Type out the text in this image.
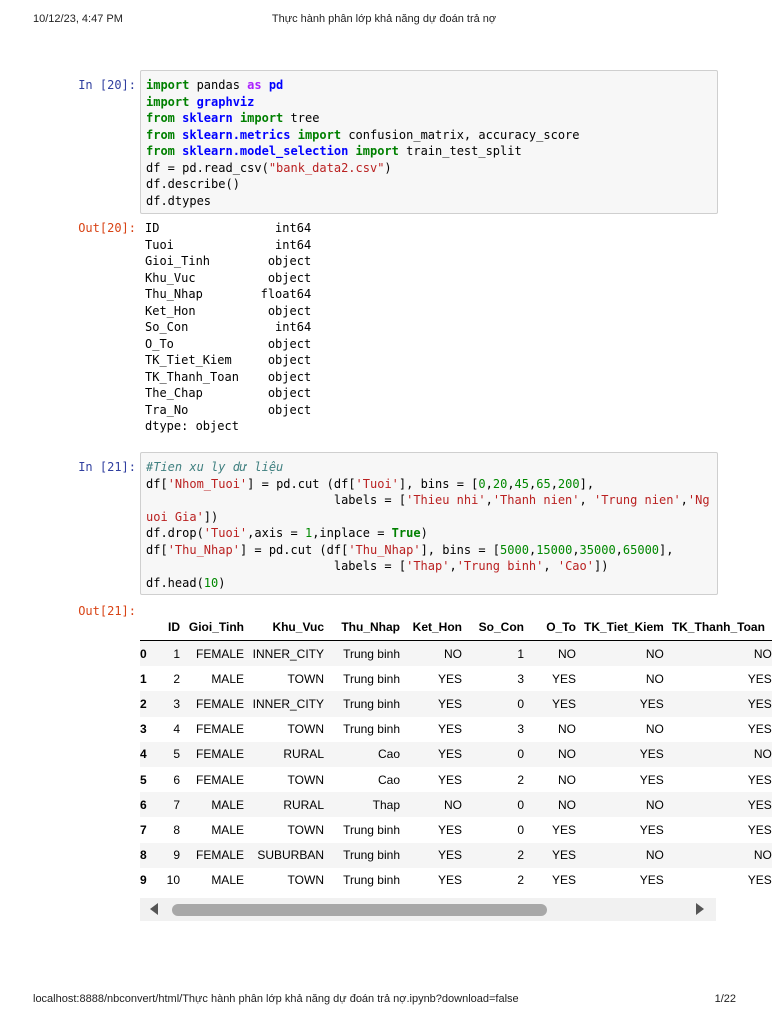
10/12/23, 4:47 PM	Thực hành phân lớp khả năng dự đoán trả nợ
In [20]: import pandas as pd
import graphviz
from sklearn import tree
from sklearn.metrics import confusion_matrix, accuracy_score
from sklearn.model_selection import train_test_split
df = pd.read_csv("bank_data2.csv")
df.describe()
df.dtypes
Out[20]: ID                int64
Tuoi              int64
Gioi_Tinh        object
Khu_Vuc          object
Thu_Nhap        float64
Ket_Hon          object
So_Con            int64
O_To             object
TK_Tiet_Kiem     object
TK_Thanh_Toan    object
The_Chap         object
Tra_No           object
dtype: object
In [21]: #Tien xu ly dư liệu
df['Nhom_Tuoi'] = pd.cut (df['Tuoi'], bins = [0,20,45,65,200],
labels = ['Thieu nhi','Thanh nien', 'Trung nien','Ng
uoi Gia'])
df.drop('Tuoi',axis = 1,inplace = True)
df['Thu_Nhap'] = pd.cut (df['Thu_Nhap'], bins = [5000,15000,35000,65000],
labels = ['Thap','Trung binh', 'Cao'])
df.head(10)
Out[21]:
	ID	Gioi_Tinh	Khu_Vuc	Thu_Nhap	Ket_Hon	So_Con	O_To	TK_Tiet_Kiem	TK_Thanh_Toan
0	1	FEMALE	INNER_CITY	Trung binh	NO	1	NO	NO	NO
1	2	MALE	TOWN	Trung binh	YES	3	YES	NO	YES
2	3	FEMALE	INNER_CITY	Trung binh	YES	0	YES	YES	YES
3	4	FEMALE	TOWN	Trung binh	YES	3	NO	NO	YES
4	5	FEMALE	RURAL	Cao	YES	0	NO	YES	NO
5	6	FEMALE	TOWN	Cao	YES	2	NO	YES	YES
6	7	MALE	RURAL	Thap	NO	0	NO	NO	YES
7	8	MALE	TOWN	Trung binh	YES	0	YES	YES	YES
8	9	FEMALE	SUBURBAN	Trung binh	YES	2	YES	NO	NO
9	10	MALE	TOWN	Trung binh	YES	2	YES	YES	YES
localhost:8888/nbconvert/html/Thực hành phân lớp khả năng dự đoán trả nợ.ipynb?download=false	1/22
